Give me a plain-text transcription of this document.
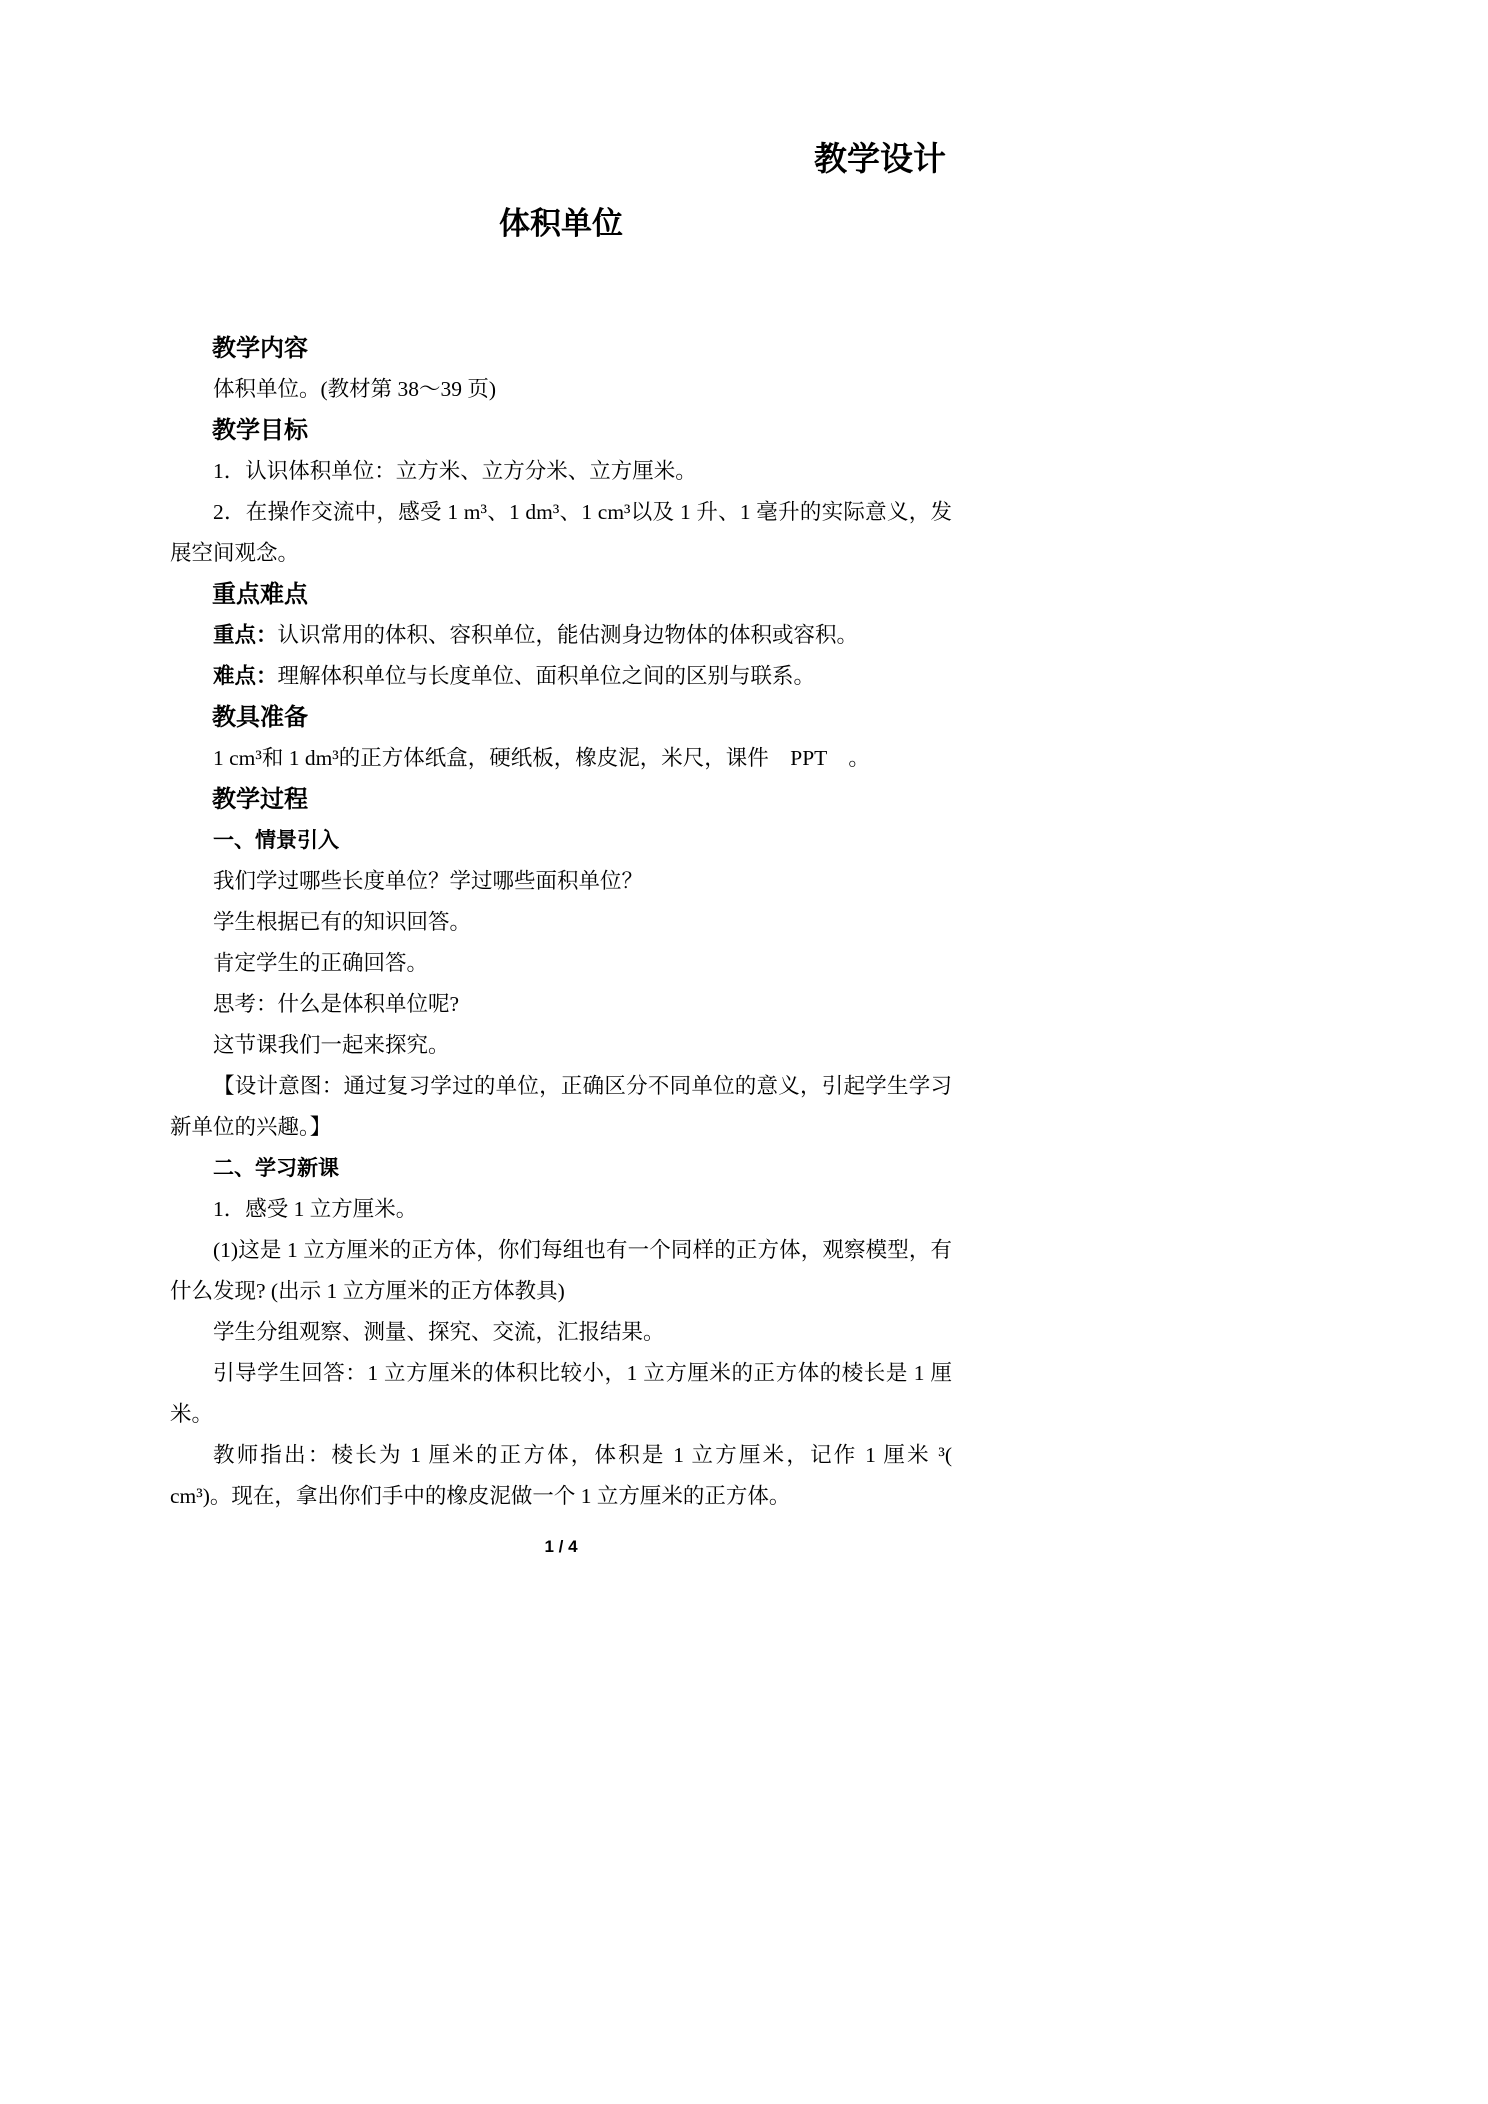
教学设计

体积单位
教学内容

体积单位。(教材第 38～39 页)

教学目标

1．认识体积单位：立方米、立方分米、立方厘米。

2．在操作交流中，感受 1 m³、1 dm³、1 cm³以及 1 升、1 毫升的实际意义，发展空间观念。

重点难点

重点：认识常用的体积、容积单位，能估测身边物体的体积或容积。

难点：理解体积单位与长度单位、面积单位之间的区别与联系。

教具准备

1 cm³和 1 dm³的正方体纸盒，硬纸板，橡皮泥，米尺，课件　PPT　。

教学过程
一、情景引入

我们学过哪些长度单位？学过哪些面积单位？

学生根据已有的知识回答。

肯定学生的正确回答。

思考：什么是体积单位呢?

这节课我们一起来探究。

【设计意图：通过复习学过的单位，正确区分不同单位的意义，引起学生学习新单位的兴趣。】

二、学习新课

1．感受 1 立方厘米。

(1)这是 1 立方厘米的正方体，你们每组也有一个同样的正方体，观察模型，有什么发现? (出示 1 立方厘米的正方体教具)

学生分组观察、测量、探究、交流，汇报结果。

引导学生回答：1 立方厘米的体积比较小，1 立方厘米的正方体的棱长是 1 厘米。

教师指出：棱长为 1 厘米的正方体，体积是 1 立方厘米，记作 1 厘米 ³(　cm³)。现在，拿出你们手中的橡皮泥做一个 1 立方厘米的正方体。

1 / 4
